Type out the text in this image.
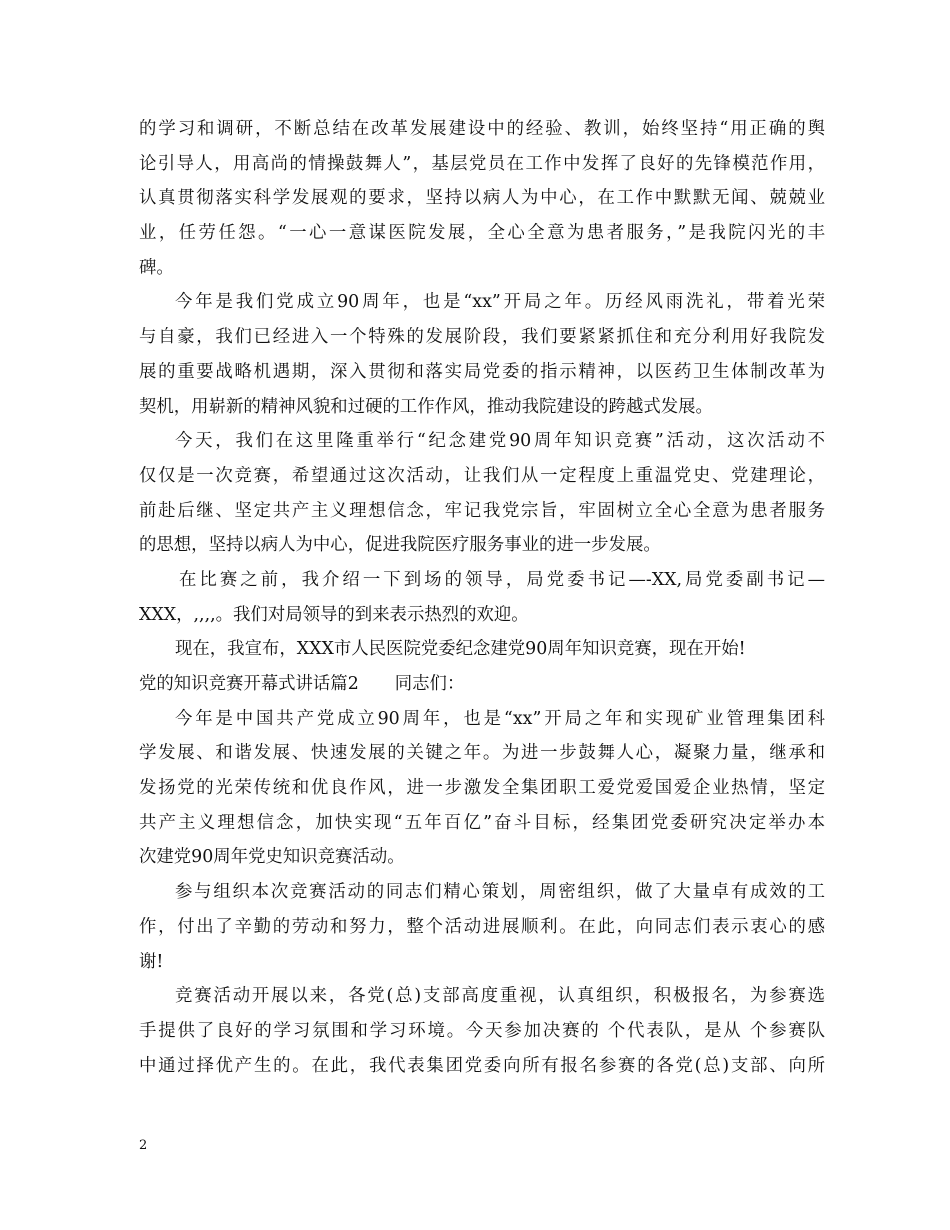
的学习和调研，不断总结在改革发展建设中的经验、教训，始终坚持“用正确的舆
论引导人，用高尚的情操鼓舞人”，基层党员在工作中发挥了良好的先锋模范作用，
认真贯彻落实科学发展观的要求，坚持以病人为中心，在工作中默默无闻、兢兢业
业，任劳任怨。“一心一意谋医院发展，全心全意为患者服务，”是我院闪光的丰
碑。
今年是我们党成立90周年，也是“xx”开局之年。历经风雨洗礼，带着光荣
与自豪，我们已经进入一个特殊的发展阶段，我们要紧紧抓住和充分利用好我院发
展的重要战略机遇期，深入贯彻和落实局党委的指示精神，以医药卫生体制改革为
契机，用崭新的精神风貌和过硬的工作作风，推动我院建设的跨越式发展。
今天，我们在这里隆重举行“纪念建党90周年知识竞赛”活动，这次活动不
仅仅是一次竞赛，希望通过这次活动，让我们从一定程度上重温党史、党建理论，
前赴后继、坚定共产主义理想信念，牢记我党宗旨，牢固树立全心全意为患者服务
的思想，坚持以病人为中心，促进我院医疗服务事业的进一步发展。
在比赛之前，我介绍一下到场的领导，局党委书记—-XX,局党委副书记—
XXX，,,,,。我们对局领导的到来表示热烈的欢迎。
现在，我宣布，XXX市人民医院党委纪念建党90周年知识竞赛，现在开始!
党的知识竞赛开幕式讲话篇2 同志们：
今年是中国共产党成立90周年，也是“xx”开局之年和实现矿业管理集团科
学发展、和谐发展、快速发展的关键之年。为进一步鼓舞人心，凝聚力量，继承和
发扬党的光荣传统和优良作风，进一步激发全集团职工爱党爱国爱企业热情，坚定
共产主义理想信念，加快实现“五年百亿”奋斗目标，经集团党委研究决定举办本
次建党90周年党史知识竞赛活动。
参与组织本次竞赛活动的同志们精心策划，周密组织，做了大量卓有成效的工
作，付出了辛勤的劳动和努力，整个活动进展顺利。在此，向同志们表示衷心的感
谢!
竞赛活动开展以来，各党(总)支部高度重视，认真组织，积极报名，为参赛选
手提供了良好的学习氛围和学习环境。今天参加决赛的 个代表队，是从 个参赛队
中通过择优产生的。在此，我代表集团党委向所有报名参赛的各党(总)支部、向所
2
